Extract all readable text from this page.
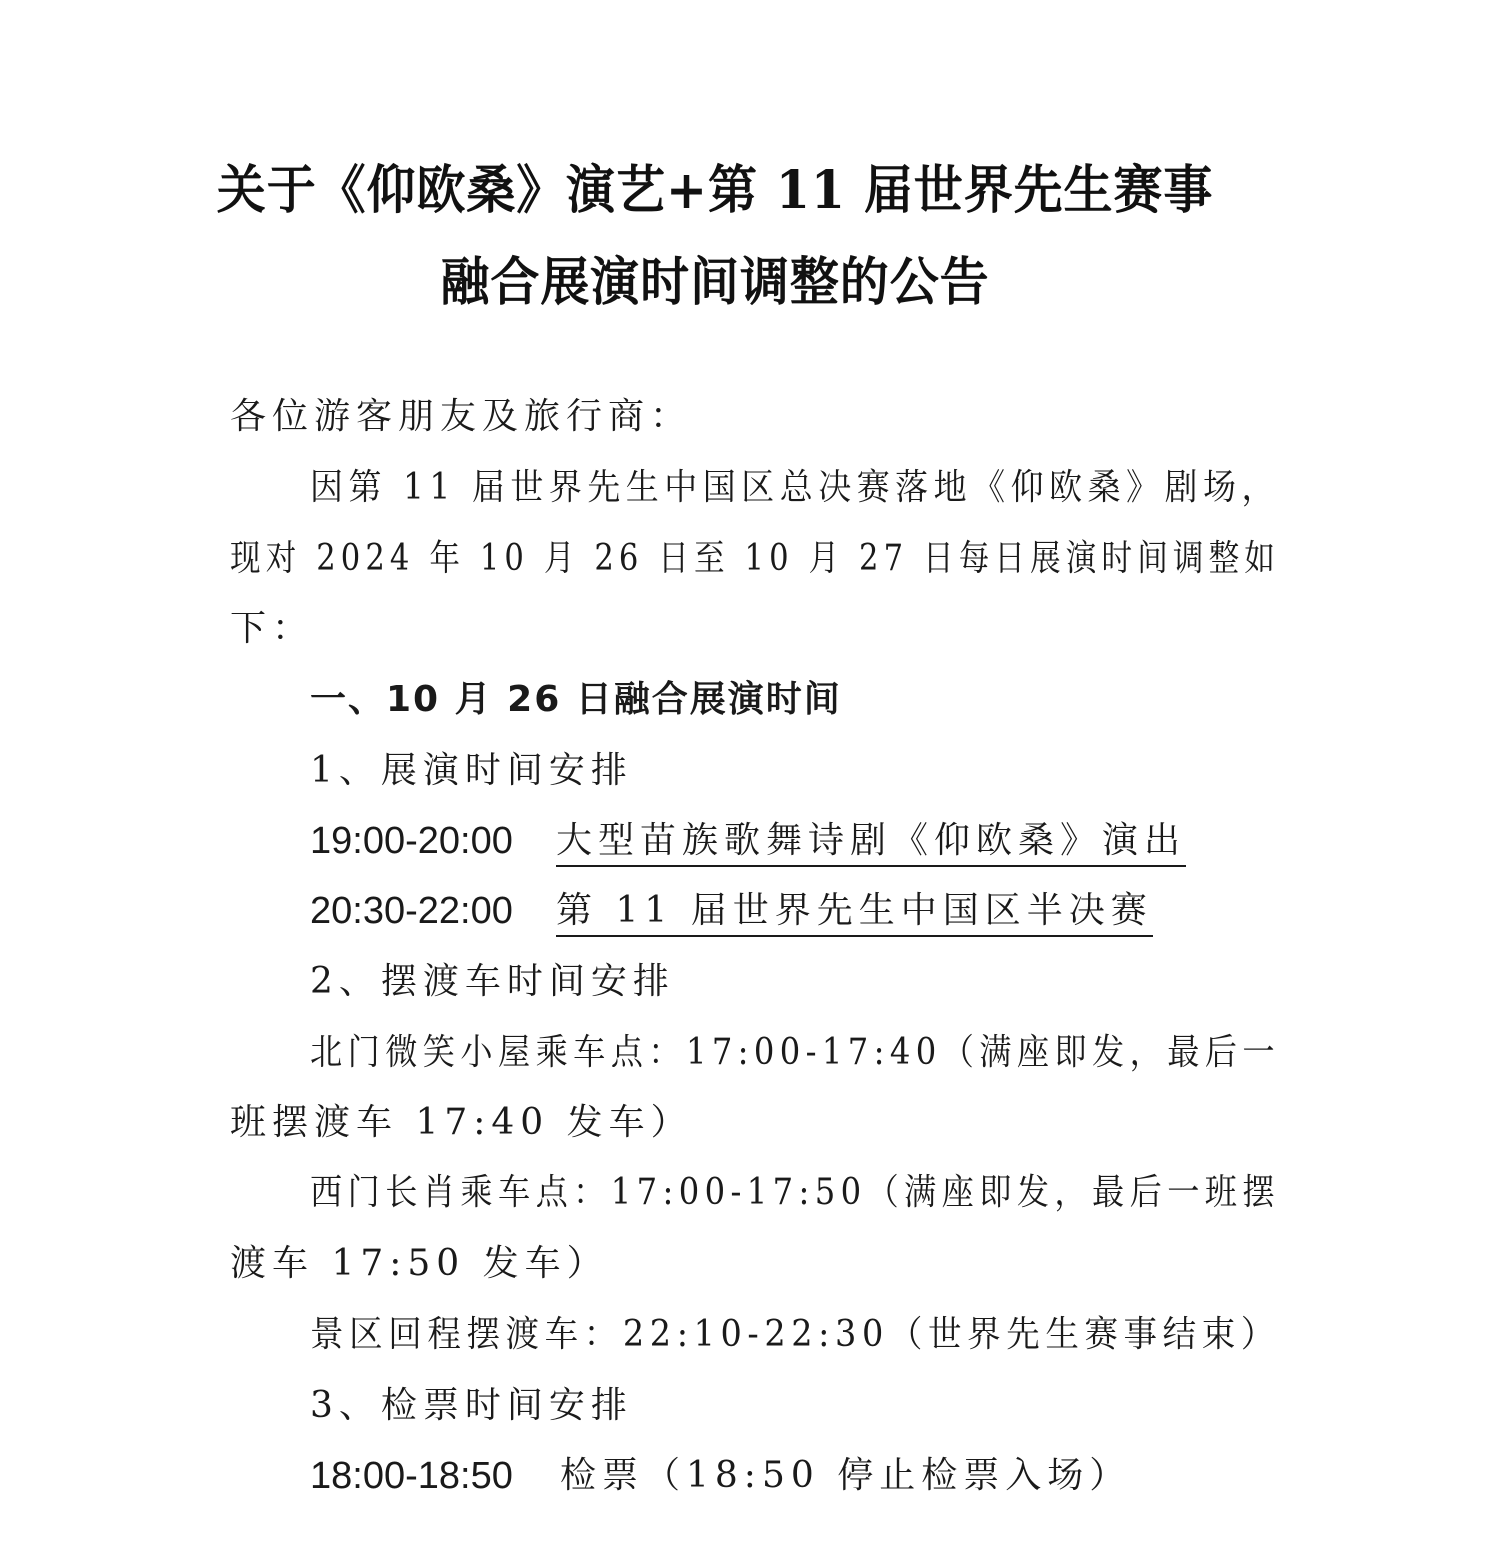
关于《仰欧桑》演艺+第 11 届世界先生赛事
融合展演时间调整的公告
各位游客朋友及旅行商：
因第 11 届世界先生中国区总决赛落地《仰欧桑》剧场，
现对 2024 年 10 月 26 日至 10 月 27 日每日展演时间调整如
下：
一、10 月 26 日融合展演时间
1、展演时间安排
19:00-20:00 大型苗族歌舞诗剧《仰欧桑》演出
20:30-22:00 第 11 届世界先生中国区半决赛
2、摆渡车时间安排
北门微笑小屋乘车点：17:00-17:40（满座即发，最后一
班摆渡车 17:40 发车）
西门长肖乘车点：17:00-17:50（满座即发，最后一班摆
渡车 17:50 发车）
景区回程摆渡车：22:10-22:30（世界先生赛事结束）
3、检票时间安排
18:00-18:50 检票（18:50 停止检票入场）
